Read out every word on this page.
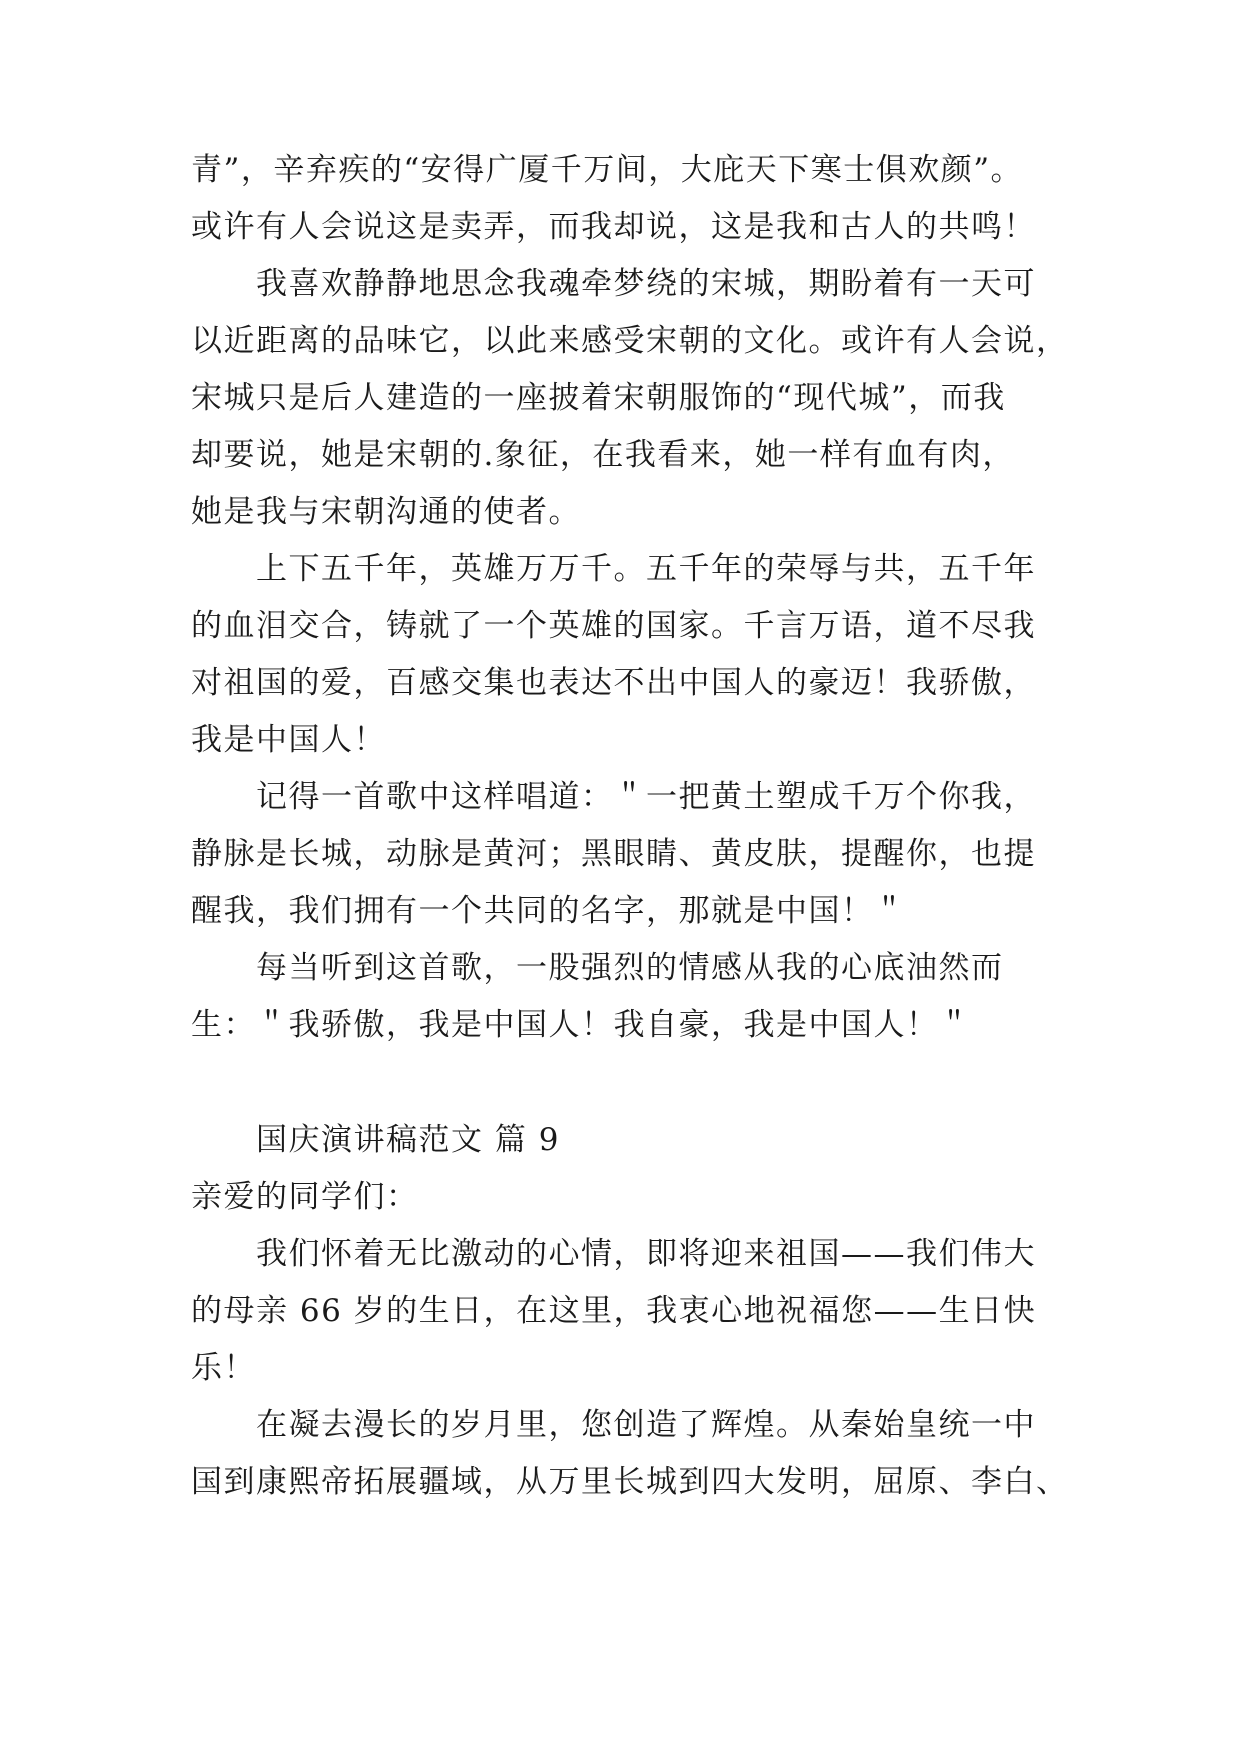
青”，辛弃疾的“安得广厦千万间，大庇天下寒士俱欢颜”。
或许有人会说这是卖弄，而我却说，这是我和古人的共鸣！
我喜欢静静地思念我魂牵梦绕的宋城，期盼着有一天可
以近距离的品味它，以此来感受宋朝的文化。或许有人会说，
宋城只是后人建造的一座披着宋朝服饰的“现代城”，而我
却要说，她是宋朝的.象征，在我看来，她一样有血有肉，
她是我与宋朝沟通的使者。
上下五千年，英雄万万千。五千年的荣辱与共，五千年
的血泪交合，铸就了一个英雄的国家。千言万语，道不尽我
对祖国的爱，百感交集也表达不出中国人的豪迈！我骄傲，
我是中国人！
记得一首歌中这样唱道：＂一把黄土塑成千万个你我，
静脉是长城，动脉是黄河；黑眼睛、黄皮肤，提醒你，也提
醒我，我们拥有一个共同的名字，那就是中国！＂
每当听到这首歌，一股强烈的情感从我的心底油然而
生：＂我骄傲，我是中国人！我自豪，我是中国人！＂
国庆演讲稿范文 篇 9
亲爱的同学们：
我们怀着无比激动的心情，即将迎来祖国——我们伟大
的母亲 66 岁的生日，在这里，我衷心地祝福您——生日快
乐！
在凝去漫长的岁月里，您创造了辉煌。从秦始皇统一中
国到康熙帝拓展疆域，从万里长城到四大发明，屈原、李白、
